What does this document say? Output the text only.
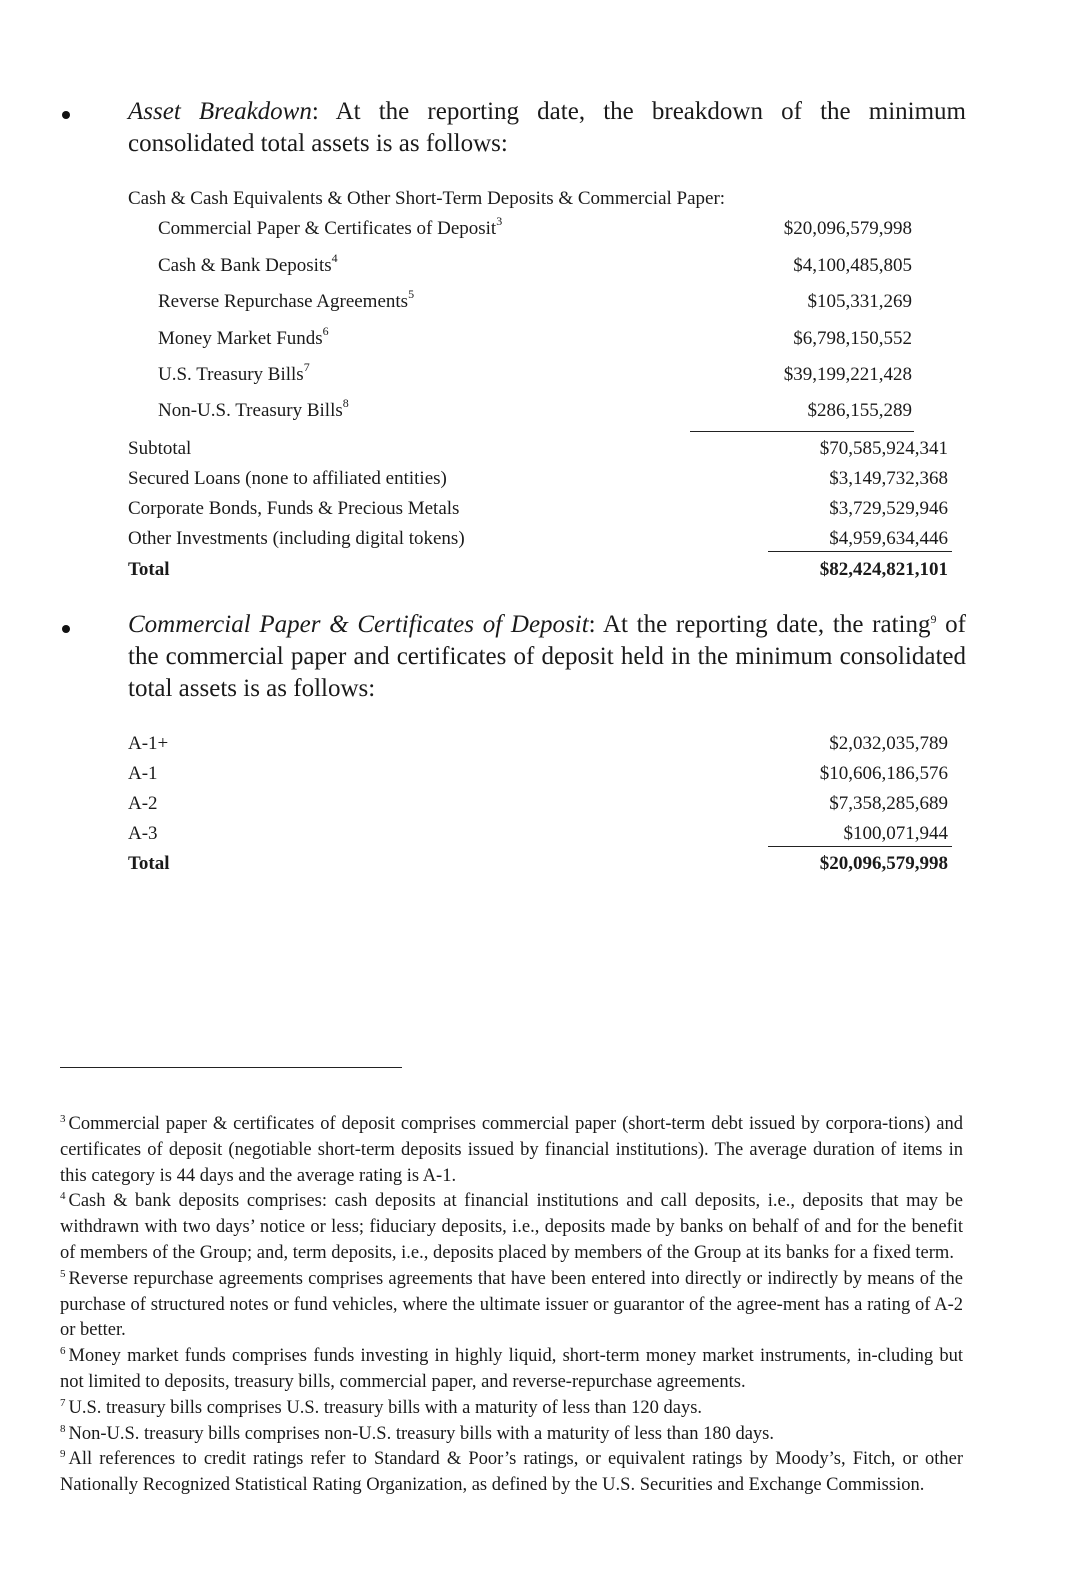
Asset Breakdown: At the reporting date, the breakdown of the minimum consolidated total assets is as follows:

Cash & Cash Equivalents & Other Short-Term Deposits & Commercial Paper:
Commercial Paper & Certificates of Deposit$^3$	$20,096,579,998
Cash & Bank Deposits$^4$	$4,100,485,805
Reverse Repurchase Agreements$^5$	$105,331,269
Money Market Funds$^6$	$6,798,150,552
U.S. Treasury Bills$^7$	$39,199,221,428
Non-U.S. Treasury Bills$^8$	$286,155,289
Subtotal	$70,585,924,341
Secured Loans (none to affiliated entities)	$3,149,732,368
Corporate Bonds, Funds & Precious Metals	$3,729,529,946
Other Investments (including digital tokens)	$4,959,634,446
Total	$82,424,821,101

Commercial Paper & Certificates of Deposit: At the reporting date, the rating$^9$ of the commercial paper and certificates of deposit held in the minimum consolidated total assets is as follows:

A-1+	$2,032,035,789
A-1	$10,606,186,576
A-2	$7,358,285,689
A-3	$100,071,944
Total	$20,096,579,998

$^3$ Commercial paper & certificates of deposit comprises commercial paper (short-term debt issued by corpora-tions) and certificates of deposit (negotiable short-term deposits issued by financial institutions). The average duration of items in this category is 44 days and the average rating is A-1.

$^4$ Cash & bank deposits comprises: cash deposits at financial institutions and call deposits, i.e., deposits that may be withdrawn with two days’ notice or less; fiduciary deposits, i.e., deposits made by banks on behalf of and for the benefit of members of the Group; and, term deposits, i.e., deposits placed by members of the Group at its banks for a fixed term.

$^5$ Reverse repurchase agreements comprises agreements that have been entered into directly or indirectly by means of the purchase of structured notes or fund vehicles, where the ultimate issuer or guarantor of the agree-ment has a rating of A-2 or better.

$^6$ Money market funds comprises funds investing in highly liquid, short-term money market instruments, in-cluding but not limited to deposits, treasury bills, commercial paper, and reverse-repurchase agreements.

$^7$ U.S. treasury bills comprises U.S. treasury bills with a maturity of less than 120 days.

$^8$ Non-U.S. treasury bills comprises non-U.S. treasury bills with a maturity of less than 180 days.

$^9$ All references to credit ratings refer to Standard & Poor’s ratings, or equivalent ratings by Moody’s, Fitch, or other Nationally Recognized Statistical Rating Organization, as defined by the U.S. Securities and Exchange Commission.
